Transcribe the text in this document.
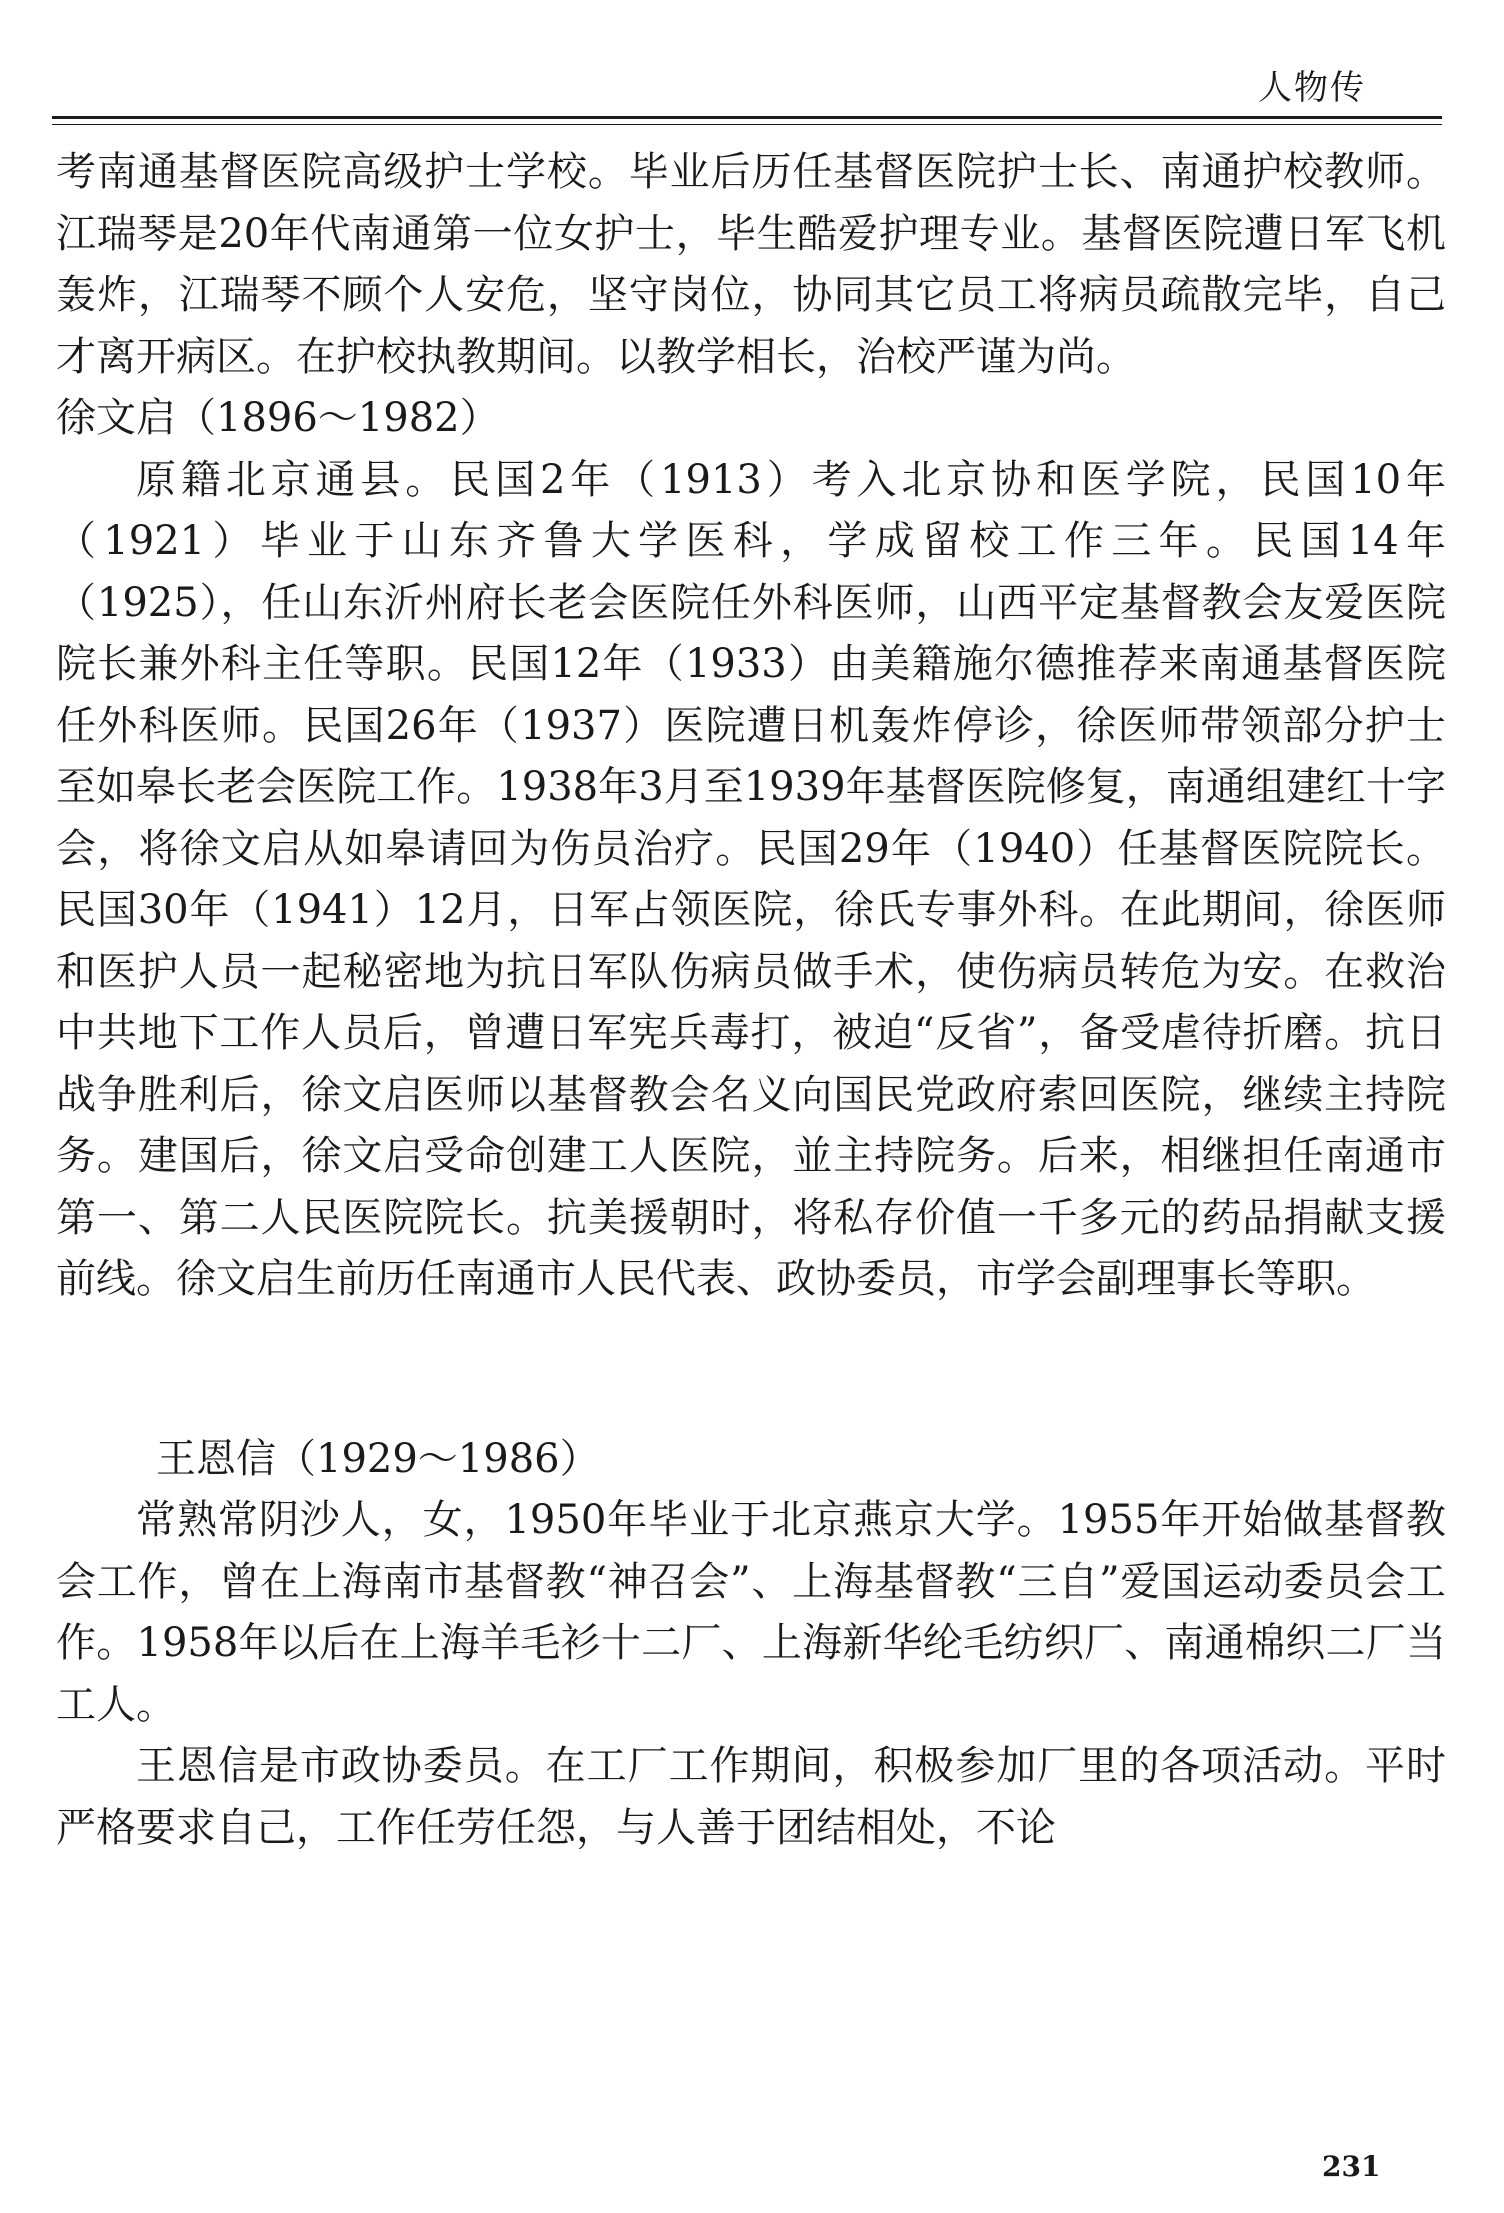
人物传

考南通基督医院高级护士学校。毕业后历任基督医院护士长、南通护校教师。江瑞琴是20年代南通第一位女护士，毕生酷爱护理专业。基督医院遭日军飞机轰炸，江瑞琴不顾个人安危，坚守岗位，协同其它员工将病员疏散完毕，自己才离开病区。在护校执教期间。以教学相长，治校严谨为尚。

徐文启（1896～1982）

原籍北京通县。民国2年（1913）考入北京协和医学院，民国10年（1921）毕业于山东齐鲁大学医科，学成留校工作三年。民国14年（1925），任山东沂州府长老会医院任外科医师，山西平定基督教会友爱医院院长兼外科主任等职。民国12年（1933）由美籍施尔德推荐来南通基督医院任外科医师。民国26年（1937）医院遭日机轰炸停诊，徐医师带领部分护士至如皋长老会医院工作。1938年3月至1939年基督医院修复，南通组建红十字会，将徐文启从如皋请回为伤员治疗。民国29年（1940）任基督医院院长。民国30年（1941）12月，日军占领医院，徐氏专事外科。在此期间，徐医师和医护人员一起秘密地为抗日军队伤病员做手术，使伤病员转危为安。在救治中共地下工作人员后，曾遭日军宪兵毒打，被迫“反省”，备受虐待折磨。抗日战争胜利后，徐文启医师以基督教会名义向国民党政府索回医院，继续主持院务。建国后，徐文启受命创建工人医院，並主持院务。后来，相继担任南通市第一、第二人民医院院长。抗美援朝时，将私存价值一千多元的药品捐献支援前线。徐文启生前历任南通市人民代表、政协委员，市学会副理事长等职。

王恩信（1929～1986）

常熟常阴沙人，女，1950年毕业于北京燕京大学。1955年开始做基督教会工作，曾在上海南市基督教“神召会”、上海基督教“三自”爱国运动委员会工作。1958年以后在上海羊毛衫十二厂、上海新华纶毛纺织厂、南通棉织二厂当工人。

王恩信是市政协委员。在工厂工作期间，积极参加厂里的各项活动。平时严格要求自己，工作任劳任怨，与人善于团结相处，不论

231
